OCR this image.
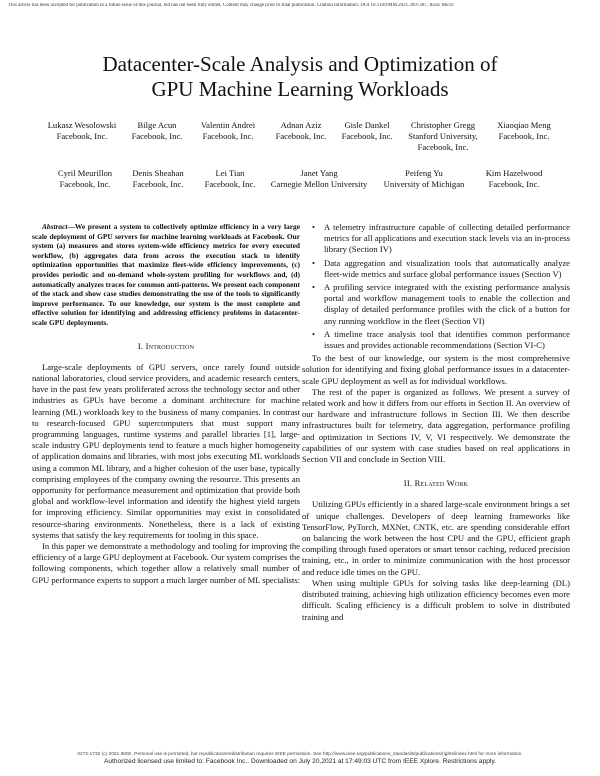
This article has been accepted for publication in a future issue of this journal, but has not been fully edited. Content may change prior to final publication. Citation information: DOI 10.1109/MM.2021.3097287, IEEE Micro
Datacenter-Scale Analysis and Optimization of
GPU Machine Learning Workloads
Lukasz Wesolowski
Facebook, Inc.
Bilge Acun
Facebook, Inc.
Valentin Andrei
Facebook, Inc.
Adnan Aziz
Facebook, Inc.
Gisle Dankel
Facebook, Inc.
Christopher Gregg
Stanford University,
Facebook, Inc.
Xiaoqiao Meng
Facebook, Inc.
Cyril Meurillon
Facebook, Inc.
Denis Sheahan
Facebook, Inc.
Lei Tian
Facebook, Inc.
Janet Yang
Carnegie Mellon University
Peifeng Yu
University of Michigan
Kim Hazelwood
Facebook, Inc.

Abstract—We present a system to collectively optimize efficiency in a very large scale deployment of GPU servers for machine learning workloads at Facebook. Our system (a) measures and stores system-wide efficiency metrics for every executed workflow, (b) aggregates data from across the execution stack to identify optimization opportunities that maximize fleet-wide efficiency improvements, (c) provides periodic and on-demand whole-system profiling for workflows and, (d) automatically analyzes traces for common anti-patterns. We present each component of the stack and show case studies demonstrating the use of the tools to significantly improve performance. To our knowledge, our system is the most complete and effective solution for identifying and addressing efficiency problems in datacenter-scale GPU deployments.

I. Introduction

Large-scale deployments of GPU servers, once rarely found outside national laboratories, cloud service providers, and academic research centers, have in the past few years proliferated across the technology sector and other industries as GPUs have become a dominant architecture for machine learning (ML) workloads key to the business of many companies. In contrast to research-focused GPU supercomputers that must support many programming languages, runtime systems and parallel libraries [1], large-scale industry GPU deployments tend to feature a much higher homogeneity of application domains and libraries, with most jobs executing ML workloads using a common ML library, and a higher cohesion of the user base, typically comprising employees of the company owning the resource. This presents an opportunity for performance measurement and optimization that provide both global and workflow-level information and identify the highest yield targets for improving efficiency. Similar opportunities may exist in consolidated resource-sharing environments. Nonetheless, there is a lack of existing systems that satisfy the key requirements for tooling in this space.

In this paper we demonstrate a methodology and tooling for improving the efficiency of a large GPU deployment at Facebook. Our system comprises the following components, which together allow a relatively small number of GPU performance experts to support a much larger number of ML specialists:

• A telemetry infrastructure capable of collecting detailed performance metrics for all applications and execution stack levels via an in-process library (Section IV)
• Data aggregation and visualization tools that automatically analyze fleet-wide metrics and surface global performance issues (Section V)
• A profiling service integrated with the existing performance analysis portal and workflow management tools to enable the collection and display of detailed performance profiles with the click of a button for any running workflow in the fleet (Section VI)
• A timeline trace analysis tool that identifies common performance issues and provides actionable recommendations (Section VI-C)

To the best of our knowledge, our system is the most comprehensive solution for identifying and fixing global performance issues in a datacenter-scale GPU deployment as well as for individual workflows.

The rest of the paper is organized as follows. We present a survey of related work and how it differs from our efforts in Section II. An overview of our hardware and infrastructure follows in Section III. We then describe infrastructures built for telemetry, data aggregation, performance profiling and optimization in Sections IV, V, VI respectively. We demonstrate the capabilities of our system with case studies based on real applications in Section VII and conclude in Section VIII.

II. Related Work

Utilizing GPUs efficiently in a shared large-scale environment brings a set of unique challenges. Developers of deep learning frameworks like TensorFlow, PyTorch, MXNet, CNTK, etc. are spending considerable effort on balancing the work between the host CPU and the GPU, efficient graph compiling through fused operators or smart tensor caching, reduced precision training, etc., in order to minimize communication with the host processor and reduce idle times on the GPU.

When using multiple GPUs for solving tasks like deep-learning (DL) distributed training, achieving high utilization efficiency becomes even more difficult. Scaling efficiency is a difficult problem to solve in distributed training and

0272-1732 (c) 2021 IEEE. Personal use is permitted, but republication/redistribution requires IEEE permission. See http://www.ieee.org/publications_standards/publications/rights/index.html for more information.
Authorized licensed use limited to: Facebook Inc.. Downloaded on July 20,2021 at 17:49:03 UTC from IEEE Xplore. Restrictions apply.
